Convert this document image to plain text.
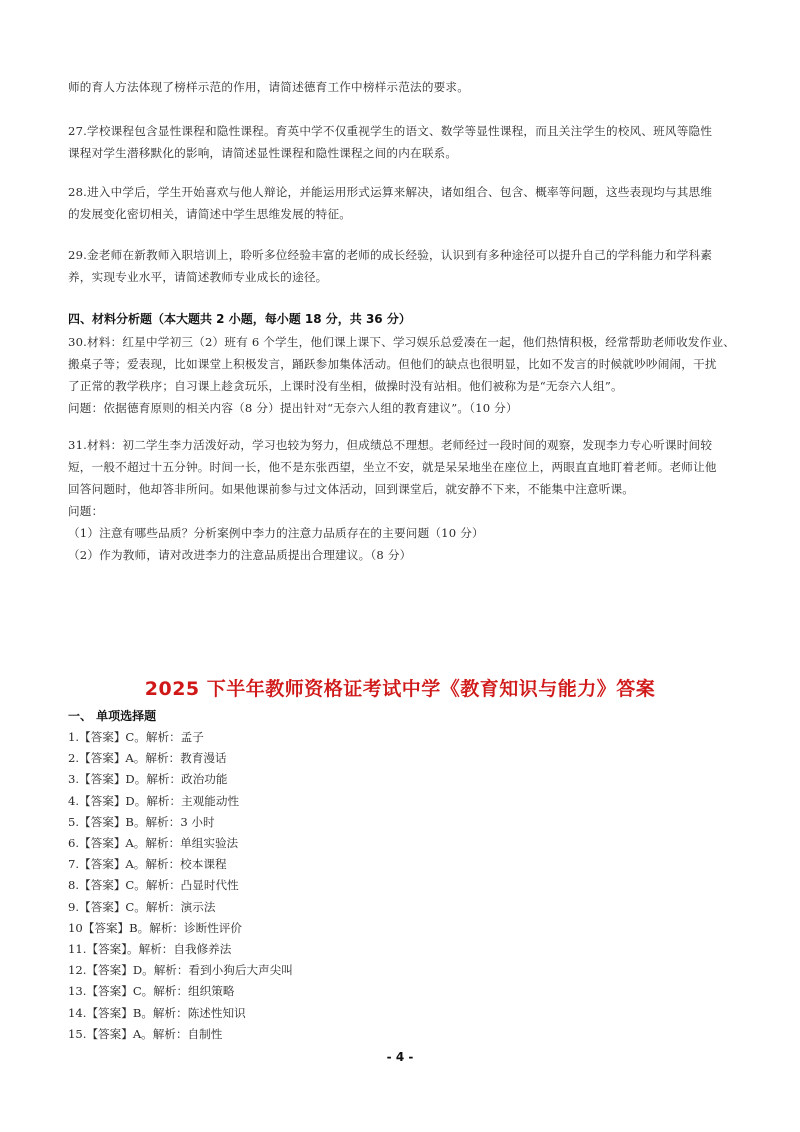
师的育人方法体现了榜样示范的作用，请简述德育工作中榜样示范法的要求。

27.学校课程包含显性课程和隐性课程。育英中学不仅重视学生的语文、数学等显性课程，而且关注学生的校风、班风等隐性
课程对学生潜移默化的影响，请简述显性课程和隐性课程之间的内在联系。

28.进入中学后，学生开始喜欢与他人辩论，并能运用形式运算来解决，诸如组合、包含、概率等问题，这些表现均与其思维
的发展变化密切相关，请简述中学生思维发展的特征。

29.金老师在新教师入职培训上，聆听多位经验丰富的老师的成长经验，认识到有多种途径可以提升自己的学科能力和学科素
养，实现专业水平，请简述教师专业成长的途径。

四、材料分析题（本大题共 2 小题，每小题 18 分，共 36 分）

30.材料：红星中学初三（2）班有 6 个学生，他们课上课下、学习娱乐总爱凑在一起，他们热情积极，经常帮助老师收发作业、
搬桌子等；爱表现，比如课堂上积极发言，踊跃参加集体活动。但他们的缺点也很明显，比如不发言的时候就吵吵闹闹，干扰
了正常的教学秩序；自习课上趁贪玩乐，上课时没有坐相，做操时没有站相。他们被称为是“无奈六人组”。
问题：依据德育原则的相关内容（8 分）提出针对“无奈六人组的教育建议”。（10 分）

31.材料：初二学生李力活泼好动，学习也较为努力，但成绩总不理想。老师经过一段时间的观察，发现李力专心听课时间较
短，一般不超过十五分钟。时间一长，他不是东张西望，坐立不安，就是呆呆地坐在座位上，两眼直直地盯着老师。老师让他
回答问题时，他却答非所问。如果他课前参与过文体活动，回到课堂后，就安静不下来，不能集中注意听课。
问题：
（1）注意有哪些品质？分析案例中李力的注意力品质存在的主要问题（10 分）
（2）作为教师，请对改进李力的注意品质提出合理建议。（8 分）

2025 下半年教师资格证考试中学《教育知识与能力》答案
一、 单项选择题
1.【答案】C。解析：孟子
2.【答案】A。解析：教育漫话
3.【答案】D。解析：政治功能
4.【答案】D。解析：主观能动性
5.【答案】B。解析：3 小时
6.【答案】A。解析：单组实验法
7.【答案】A。解析：校本课程
8.【答案】C。解析：凸显时代性
9.【答案】C。解析：演示法
10【答案】B。解析：诊断性评价
11.【答案】。解析：自我修养法
12.【答案】D。解析：看到小狗后大声尖叫
13.【答案】C。解析：组织策略
14.【答案】B。解析：陈述性知识
15.【答案】A。解析：自制性
- 4 -
